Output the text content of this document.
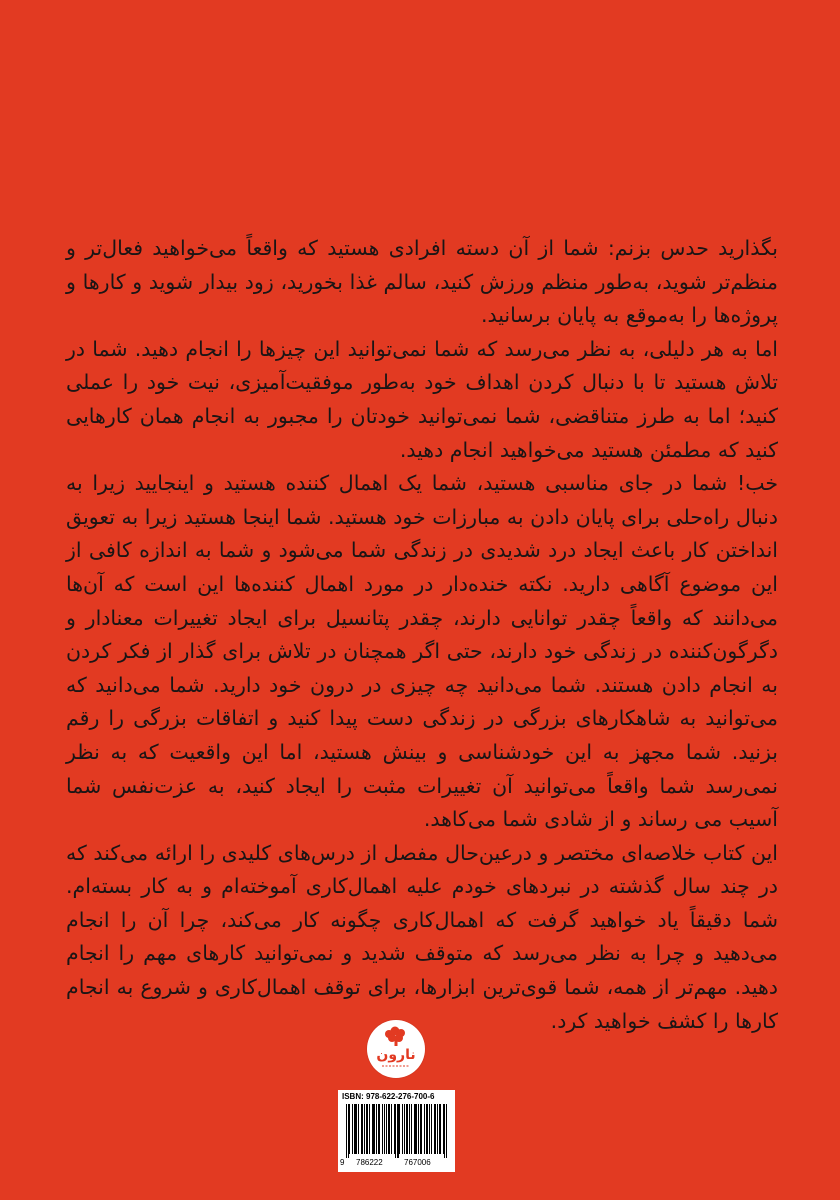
بگذارید حدس بزنم: شما از آن دسته افرادی هستید که واقعاً می‌خواهید فعال‌تر و منظم‌تر شوید، به‌طور منظم ورزش کنید، سالم غذا بخورید، زود بیدار شوید و کارها و پروژه‌ها را به‌موقع به پایان برسانید.

اما به هر دلیلی، به نظر می‌رسد که شما نمی‌توانید این چیزها را انجام دهید. شما در تلاش هستید تا با دنبال کردن اهداف خود به‌طور موفقیت‌آمیزی، نیت خود را عملی کنید؛ اما به طرز متناقضی، شما نمی‌توانید خودتان را مجبور به انجام همان کارهایی کنید که مطمئن هستید می‌خواهید انجام دهید.

خب! شما در جای مناسبی هستید، شما یک اهمال کننده هستید و اینجایید زیرا به دنبال راه‌حلی برای پایان دادن به مبارزات خود هستید. شما اینجا هستید زیرا به تعویق انداختن کار باعث ایجاد درد شدیدی در زندگی شما می‌شود و شما به اندازه کافی از این موضوع آگاهی دارید. نکته خنده‌دار در مورد اهمال کننده‌ها این است که آن‌ها می‌دانند که واقعاً چقدر توانایی دارند، چقدر پتانسیل برای ایجاد تغییرات معنادار و دگرگون‌کننده در زندگی خود دارند، حتی اگر همچنان در تلاش برای گذار از فکر کردن به انجام دادن هستند. شما می‌دانید چه چیزی در درون خود دارید. شما می‌دانید که می‌توانید به شاهکارهای بزرگی در زندگی دست پیدا کنید و اتفاقات بزرگی را رقم بزنید. شما مجهز به این خودشناسی و بینش هستید، اما این واقعیت که به نظر نمی‌رسد شما واقعاً می‌توانید آن تغییرات مثبت را ایجاد کنید، به عزت‌نفس شما آسیب می رساند و از شادی شما می‌کاهد.

این کتاب خلاصه‌ای مختصر و درعین‌حال مفصل از درس‌های کلیدی را ارائه می‌کند که در چند سال گذشته در نبردهای خودم علیه اهمال‌کاری آموخته‌ام و به کار بسته‌ام. شما دقیقاً یاد خواهید گرفت که اهمال‌کاری چگونه کار می‌کند، چرا آن را انجام می‌دهید و چرا به نظر می‌رسد که متوقف شدید و نمی‌توانید کارهای مهم را انجام دهید. مهم‌تر از همه، شما قوی‌ترین ابزارها، برای توقف اهمال‌کاری و شروع به انجام کارها را کشف خواهید کرد.

نارون
ISBN: 978-622-276-700-6
9 786222	767006
